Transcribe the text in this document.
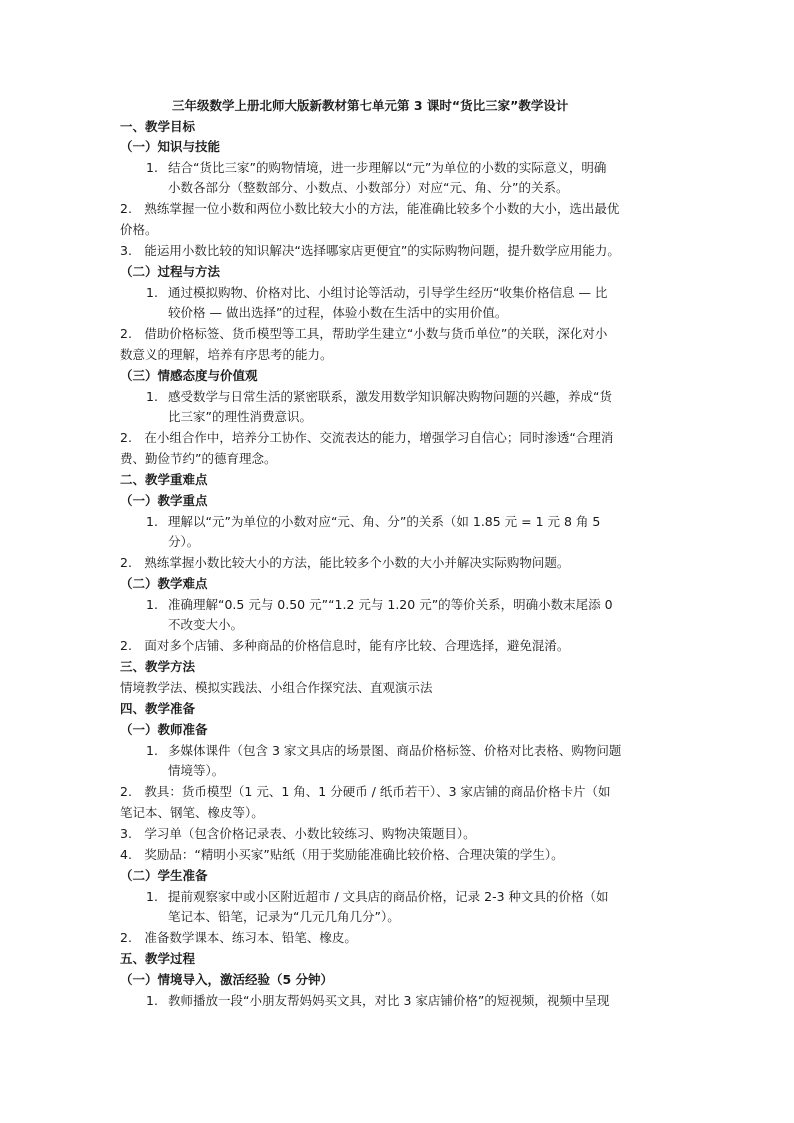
三年级数学上册北师大版新教材第七单元第 3 课时“货比三家”教学设计
一、教学目标
（一）知识与技能
1. 结合“货比三家”的购物情境，进一步理解以“元”为单位的小数的实际意义，明确
小数各部分（整数部分、小数点、小数部分）对应“元、角、分”的关系。
2.　熟练掌握一位小数和两位小数比较大小的方法，能准确比较多个小数的大小，选出最优
价格。
3.　能运用小数比较的知识解决“选择哪家店更便宜”的实际购物问题，提升数学应用能力。
（二）过程与方法
1. 通过模拟购物、价格对比、小组讨论等活动，引导学生经历“收集价格信息 — 比
较价格 — 做出选择”的过程，体验小数在生活中的实用价值。
2.　借助价格标签、货币模型等工具，帮助学生建立“小数与货币单位”的关联，深化对小
数意义的理解，培养有序思考的能力。
（三）情感态度与价值观
1. 感受数学与日常生活的紧密联系，激发用数学知识解决购物问题的兴趣，养成“货
比三家”的理性消费意识。
2.　在小组合作中，培养分工协作、交流表达的能力，增强学习自信心；同时渗透“合理消
费、勤俭节约”的德育理念。
二、教学重难点
（一）教学重点
1. 理解以“元”为单位的小数对应“元、角、分”的关系（如 1.85 元 = 1 元 8 角 5
分）。
2.　熟练掌握小数比较大小的方法，能比较多个小数的大小并解决实际购物问题。
（二）教学难点
1. 准确理解“0.5 元与 0.50 元”“1.2 元与 1.20 元”的等价关系，明确小数末尾添 0
不改变大小。
2.　面对多个店铺、多种商品的价格信息时，能有序比较、合理选择，避免混淆。
三、教学方法
情境教学法、模拟实践法、小组合作探究法、直观演示法
四、教学准备
（一）教师准备
1. 多媒体课件（包含 3 家文具店的场景图、商品价格标签、价格对比表格、购物问题
情境等）。
2.　教具：货币模型（1 元、1 角、1 分硬币 / 纸币若干）、3 家店铺的商品价格卡片（如
笔记本、钢笔、橡皮等）。
3.　学习单（包含价格记录表、小数比较练习、购物决策题目）。
4.　奖励品：“精明小买家”贴纸（用于奖励能准确比较价格、合理决策的学生）。
（二）学生准备
1. 提前观察家中或小区附近超市 / 文具店的商品价格，记录 2-3 种文具的价格（如
笔记本、铅笔，记录为“几元几角几分”）。
2.　准备数学课本、练习本、铅笔、橡皮。
五、教学过程
（一）情境导入，激活经验（5 分钟）
1. 教师播放一段“小朋友帮妈妈买文具，对比 3 家店铺价格”的短视频，视频中呈现
